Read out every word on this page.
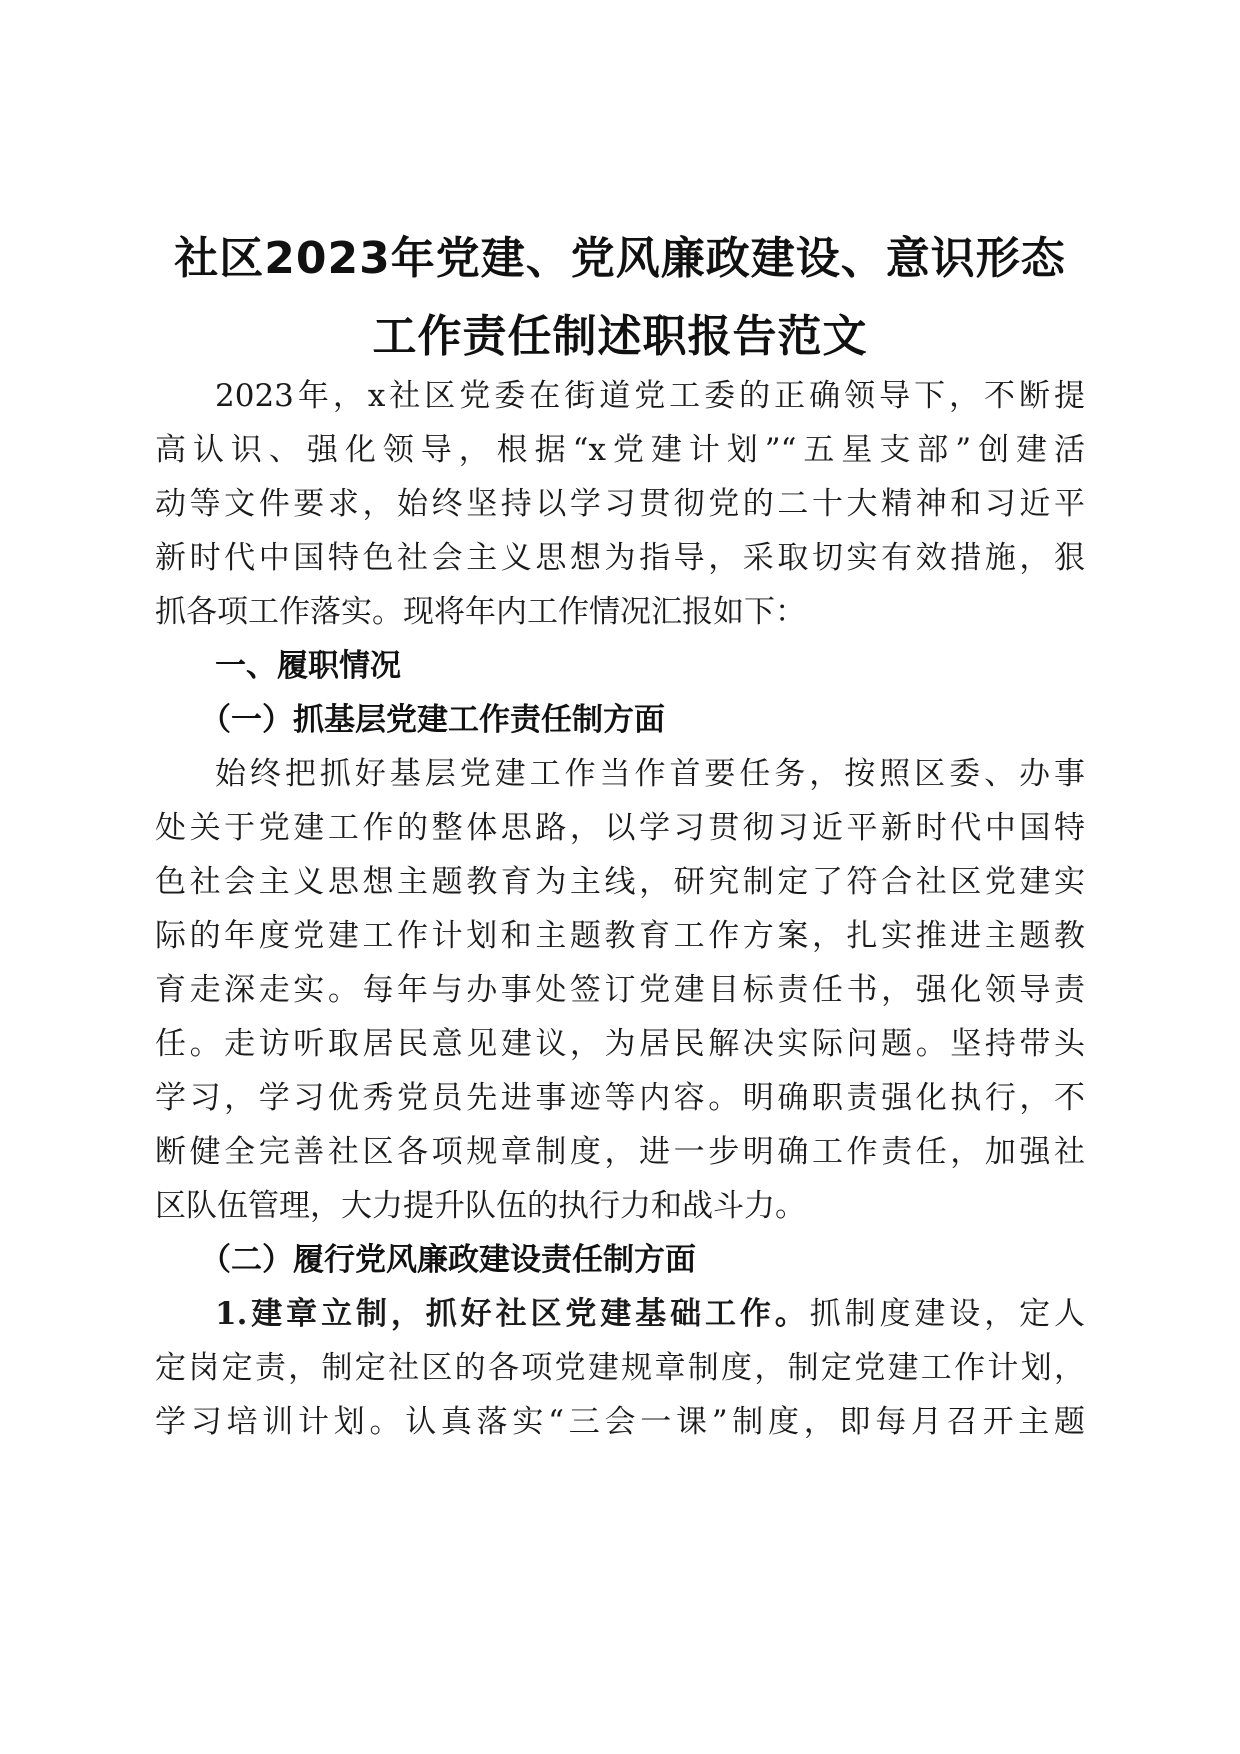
社区2023年党建、党风廉政建设、意识形态
工作责任制述职报告范文
2023年，x社区党委在街道党工委的正确领导下，不断提
高认识、强化领导，根据“x党建计划”“五星支部”创建活
动等文件要求，始终坚持以学习贯彻党的二十大精神和习近平
新时代中国特色社会主义思想为指导，采取切实有效措施，狠
抓各项工作落实。现将年内工作情况汇报如下：
一、履职情况
（一）抓基层党建工作责任制方面
始终把抓好基层党建工作当作首要任务，按照区委、办事
处关于党建工作的整体思路，以学习贯彻习近平新时代中国特
色社会主义思想主题教育为主线，研究制定了符合社区党建实
际的年度党建工作计划和主题教育工作方案，扎实推进主题教
育走深走实。每年与办事处签订党建目标责任书，强化领导责
任。走访听取居民意见建议，为居民解决实际问题。坚持带头
学习，学习优秀党员先进事迹等内容。明确职责强化执行，不
断健全完善社区各项规章制度，进一步明确工作责任，加强社
区队伍管理，大力提升队伍的执行力和战斗力。
（二）履行党风廉政建设责任制方面
1.建章立制，抓好社区党建基础工作。抓制度建设，定人
定岗定责，制定社区的各项党建规章制度，制定党建工作计划，
学习培训计划。认真落实“三会一课”制度，即每月召开主题
